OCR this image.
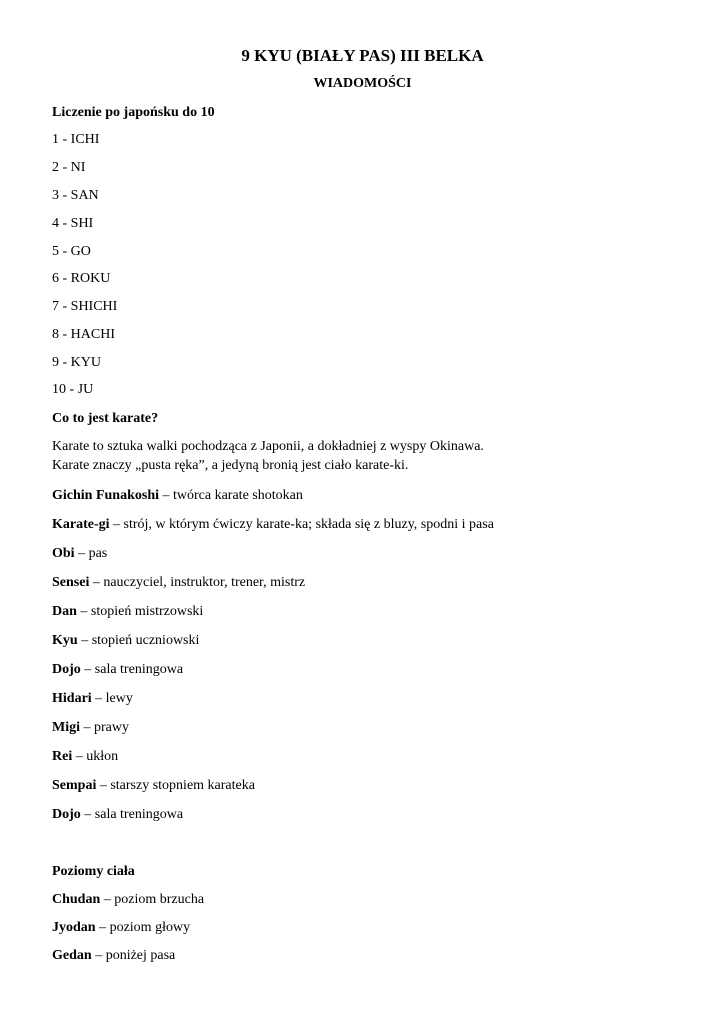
9 KYU (BIAŁY PAS) III BELKA
WIADOMOŚCI
Liczenie po japońsku do 10
1 - ICHI
2 - NI
3 - SAN
4 - SHI
5 - GO
6 - ROKU
7 - SHICHI
8 - HACHI
9 - KYU
10 - JU
Co to jest karate?
Karate to sztuka walki pochodząca z Japonii, a dokładniej z wyspy Okinawa.
Karate znaczy „pusta ręka”, a jedyną bronią jest ciało karate-ki.
Gichin Funakoshi – twórca karate shotokan
Karate-gi – strój, w którym ćwiczy karate-ka; składa się z bluzy, spodni i pasa
Obi – pas
Sensei – nauczyciel, instruktor, trener, mistrz
Dan – stopień mistrzowski
Kyu – stopień uczniowski
Dojo – sala treningowa
Hidari – lewy
Migi – prawy
Rei – ukłon
Sempai – starszy stopniem karateka
Dojo – sala treningowa
Poziomy ciała
Chudan – poziom brzucha
Jyodan – poziom głowy
Gedan – poniżej pasa
